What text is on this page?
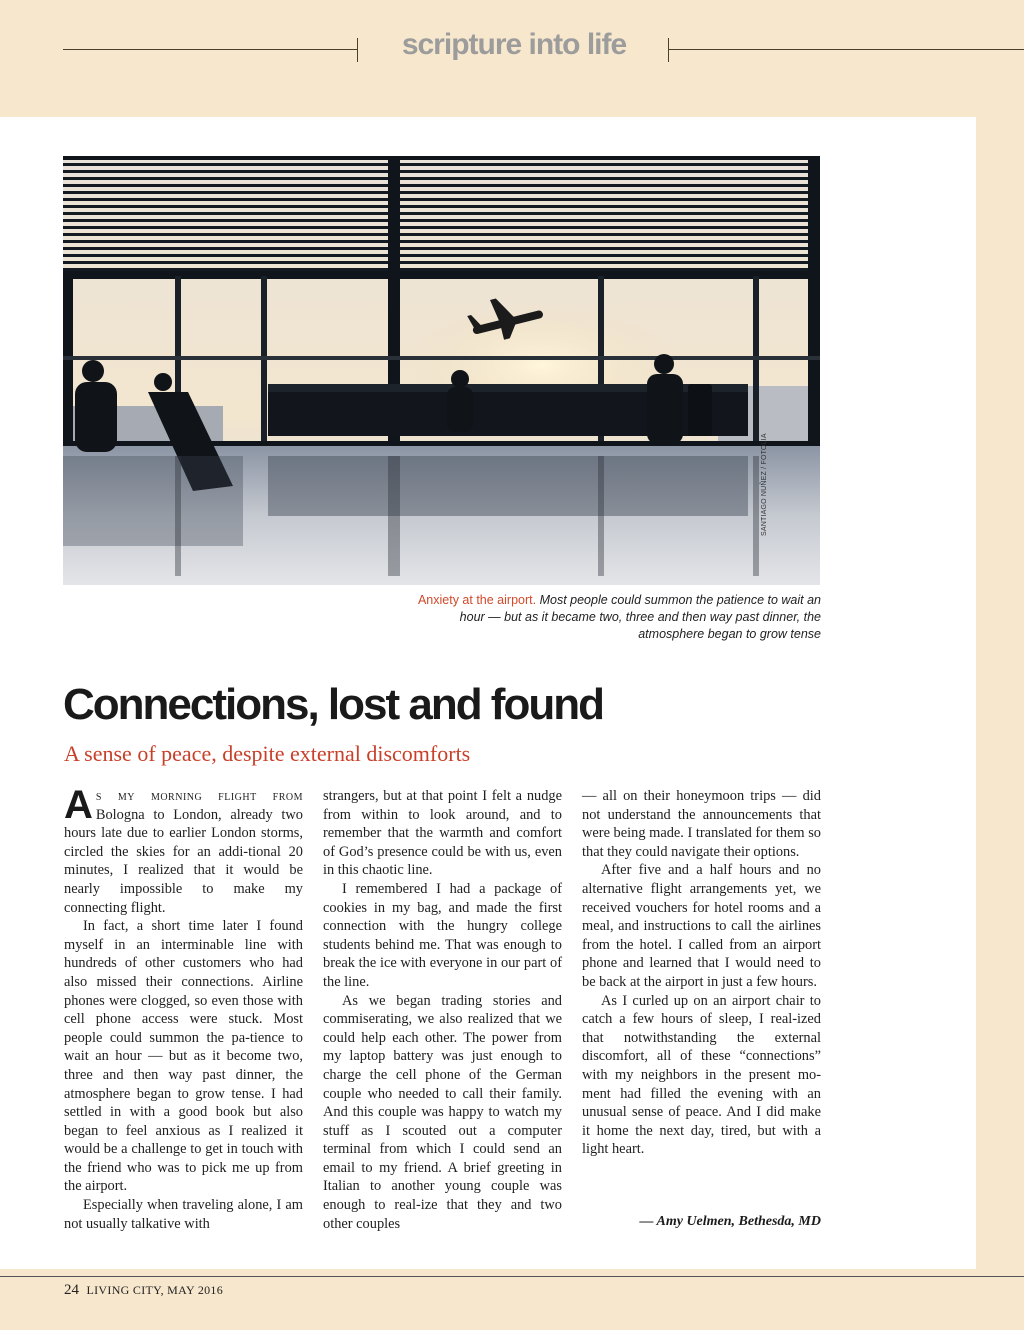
scripture into life
SANTIAGO NUÑEZ / FOTOLIA
Anxiety at the airport. Most people could summon the patience to wait an hour — but as it became two, three and then way past dinner, the atmosphere began to grow tense
Connections, lost and found
A sense of peace, despite external discomforts

As my morning flight from Bologna to London, already two hours late due to earlier London storms, circled the skies for an addi-tional 20 minutes, I realized that it would be nearly impossible to make my connecting flight.

In fact, a short time later I found myself in an interminable line with hundreds of other customers who had also missed their connections. Airline phones were clogged, so even those with cell phone access were stuck. Most people could summon the pa-tience to wait an hour — but as it become two, three and then way past dinner, the atmosphere began to grow tense. I had settled in with a good book but also began to feel anxious as I realized it would be a challenge to get in touch with the friend who was to pick me up from the airport.

Especially when traveling alone, I am not usually talkative with

strangers, but at that point I felt a nudge from within to look around, and to remember that the warmth and comfort of God’s presence could be with us, even in this chaotic line.

I remembered I had a package of cookies in my bag, and made the first connection with the hungry college students behind me. That was enough to break the ice with everyone in our part of the line.

As we began trading stories and commiserating, we also realized that we could help each other. The power from my laptop battery was just enough to charge the cell phone of the German couple who needed to call their family. And this couple was happy to watch my stuff as I scouted out a computer terminal from which I could send an email to my friend. A brief greeting in Italian to another young couple was enough to real-ize that they and two other couples

— all on their honeymoon trips — did not understand the announcements that were being made. I translated for them so that they could navigate their options.

After five and a half hours and no alternative flight arrangements yet, we received vouchers for hotel rooms and a meal, and instructions to call the airlines from the hotel. I called from an airport phone and learned that I would need to be back at the airport in just a few hours.

As I curled up on an airport chair to catch a few hours of sleep, I real-ized that notwithstanding the external discomfort, all of these “connections” with my neighbors in the present mo-ment had filled the evening with an unusual sense of peace. And I did make it home the next day, tired, but with a light heart.

— Amy Uelmen, Bethesda, MD
24 LIVING CITY, MAY 2016
